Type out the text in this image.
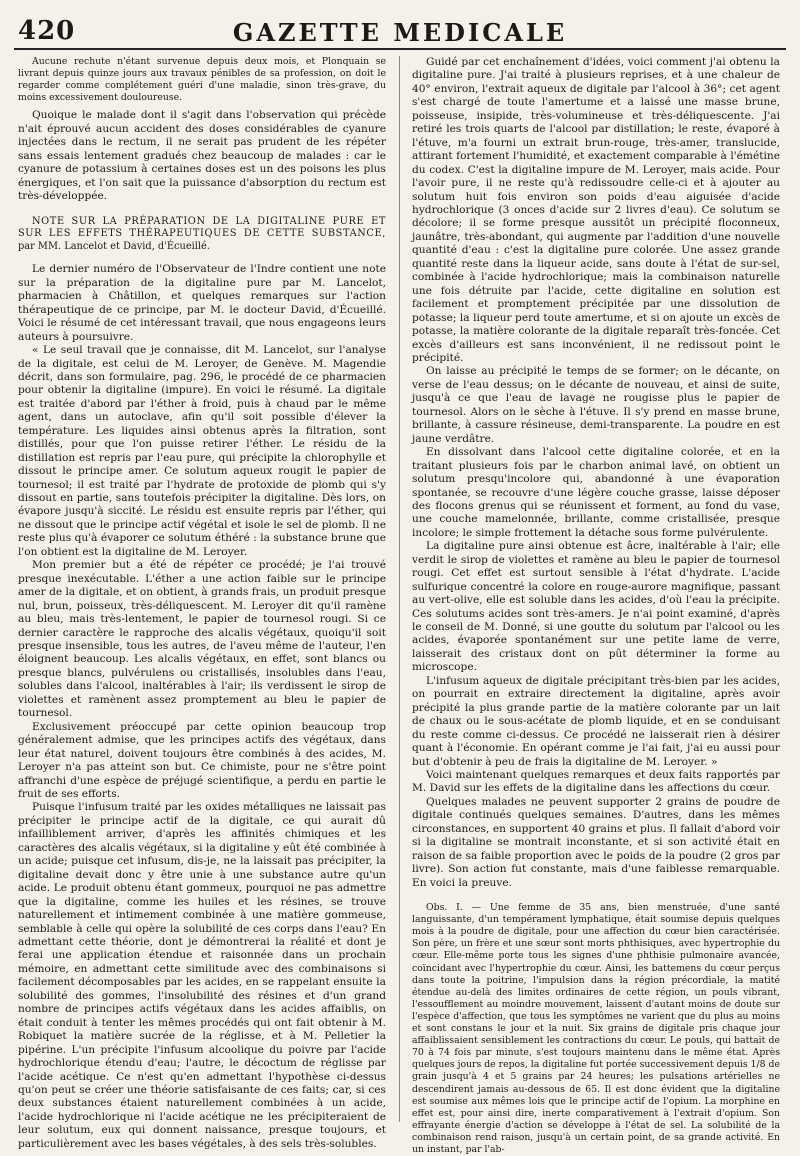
420	GAZETTE MEDICALE

Aucune rechute n'étant survenue depuis deux mois, et Plonquain se livrant depuis quinze jours aux travaux pénibles de sa profession, on doit le regarder comme complétement guéri d'une maladie, sinon très-grave, du moins excessivement douloureuse.

Quoique le malade dont il s'agit dans l'observation qui précède n'ait éprouvé aucun accident des doses considérables de cyanure injectées dans le rectum, il ne serait pas prudent de les répéter sans essais lentement gradués chez beaucoup de malades : car le cyanure de potassium à certaines doses est un des poisons les plus énergiques, et l'on sait que la puissance d'absorption du rectum est très-développée.

NOTE SUR LA PRÉPARATION DE LA DIGITALINE PURE ET SUR LES EFFETS THÉRAPEUTIQUES DE CETTE SUBSTANCE, par MM. Lancelot et David, d'Écueillé.

Le dernier numéro de l'Observateur de l'Indre contient une note sur la préparation de la digitaline pure par M. Lancelot, pharmacien à Châtillon, et quelques remarques sur l'action thérapeutique de ce principe, par M. le docteur David, d'Écueillé. Voici le résumé de cet intéressant travail, que nous engageons leurs auteurs à poursuivre.

« Le seul travail que je connaisse, dit M. Lancelot, sur l'analyse de la digitale, est celui de M. Leroyer, de Genève. M. Magendie décrit, dans son formulaire, pag. 296, le procédé de ce pharmacien pour obtenir la digitaline (impure). En voici le résumé. La digitale est traitée d'abord par l'éther à froid, puis à chaud par le même agent, dans un autoclave, afin qu'il soit possible d'élever la température. Les liquides ainsi obtenus après la filtration, sont distillés, pour que l'on puisse retirer l'éther. Le résidu de la distillation est repris par l'eau pure, qui précipite la chlorophylle et dissout le principe amer. Ce solutum aqueux rougit le papier de tournesol; il est traité par l'hydrate de protoxide de plomb qui s'y dissout en partie, sans toutefois précipiter la digitaline. Dès lors, on évapore jusqu'à siccité. Le résidu est ensuite repris par l'éther, qui ne dissout que le principe actif végétal et isole le sel de plomb. Il ne reste plus qu'à évaporer ce solutum éthéré : la substance brune que l'on obtient est la digitaline de M. Leroyer.

Mon premier but a été de répéter ce procédé; je l'ai trouvé presque inexécutable. L'éther a une action faible sur le principe amer de la digitale, et on obtient, à grands frais, un produit presque nul, brun, poisseux, très-déliquescent. M. Leroyer dit qu'il ramène au bleu, mais très-lentement, le papier de tournesol rougi. Si ce dernier caractère le rapproche des alcalis végétaux, quoiqu'il soit presque insensible, tous les autres, de l'aveu même de l'auteur, l'en éloignent beaucoup. Les alcalis végétaux, en effet, sont blancs ou presque blancs, pulvérulens ou cristallisés, insolubles dans l'eau, solubles dans l'alcool, inaltérables à l'air; ils verdissent le sirop de violettes et ramènent assez promptement au bleu le papier de tournesol.

Exclusivement préoccupé par cette opinion beaucoup trop généralement admise, que les principes actifs des végétaux, dans leur état naturel, doivent toujours être combinés à des acides, M. Leroyer n'a pas atteint son but. Ce chimiste, pour ne s'être point affranchi d'une espèce de préjugé scientifique, a perdu en partie le fruit de ses efforts.

Puisque l'infusum traité par les oxides métalliques ne laissait pas précipiter le principe actif de la digitale, ce qui aurait dû infailliblement arriver, d'après les affinités chimiques et les caractères des alcalis végétaux, si la digitaline y eût été combinée à un acide; puisque cet infusum, dis-je, ne la laissait pas précipiter, la digitaline devait donc y être unie à une substance autre qu'un acide. Le produit obtenu étant gommeux, pourquoi ne pas admettre que la digitaline, comme les huiles et les résines, se trouve naturellement et intimement combinée à une matière gommeuse, semblable à celle qui opère la solubilité de ces corps dans l'eau? En admettant cette théorie, dont je démontrerai la réalité et dont je ferai une application étendue et raisonnée dans un prochain mémoire, en admettant cette similitude avec des combinaisons si facilement décomposables par les acides, en se rappelant ensuite la solubilité des gommes, l'insolubilité des résines et d'un grand nombre de principes actifs végétaux dans les acides affaiblis, on était conduit à tenter les mêmes procédés qui ont fait obtenir à M. Robiquet la matière sucrée de la réglisse, et à M. Pelletier la pipérine. L'un précipite l'infusum alcoolique du poivre par l'acide hydrochlorique étendu d'eau; l'autre, le décoctum de réglisse par l'acide acétique. Ce n'est qu'en admettant l'hypothèse ci-dessus qu'on peut se créer une théorie satisfaisante de ces faits; car, si ces deux substances étaient naturellement combinées à un acide, l'acide hydrochlorique ni l'acide acétique ne les précipiteraient de leur solutum, eux qui donnent naissance, presque toujours, et particulièrement avec les bases végétales, à des sels très-solubles.

Guidé par cet enchaînement d'idées, voici comment j'ai obtenu la digitaline pure. J'ai traité à plusieurs reprises, et à une chaleur de 40° environ, l'extrait aqueux de digitale par l'alcool à 36°; cet agent s'est chargé de toute l'amertume et a laissé une masse brune, poisseuse, insipide, très-volumineuse et très-déliquescente. J'ai retiré les trois quarts de l'alcool par distillation; le reste, évaporé à l'étuve, m'a fourni un extrait brun-rouge, très-amer, translucide, attirant fortement l'humidité, et exactement comparable à l'émétine du codex. C'est la digitaline impure de M. Leroyer, mais acide. Pour l'avoir pure, il ne reste qu'à redissoudre celle-ci et à ajouter au solutum huit fois environ son poids d'eau aiguisée d'acide hydrochlorique (3 onces d'acide sur 2 livres d'eau). Ce solutum se décolore; il se forme presque aussitôt un précipité floconneux, jaunâtre, très-abondant, qui augmente par l'addition d'une nouvelle quantité d'eau : c'est la digitaline pure colorée. Une assez grande quantité reste dans la liqueur acide, sans doute à l'état de sur-sel, combinée à l'acide hydrochlorique; mais la combinaison naturelle une fois détruite par l'acide, cette digitaline en solution est facilement et promptement précipitée par une dissolution de potasse; la liqueur perd toute amertume, et si on ajoute un excès de potasse, la matière colorante de la digitale reparaît très-foncée. Cet excès d'ailleurs est sans inconvénient, il ne redissout point le précipité.

On laisse au précipité le temps de se former; on le décante, on verse de l'eau dessus; on le décante de nouveau, et ainsi de suite, jusqu'à ce que l'eau de lavage ne rougisse plus le papier de tournesol. Alors on le sèche à l'étuve. Il s'y prend en masse brune, brillante, à cassure résineuse, demi-transparente. La poudre en est jaune verdâtre.

En dissolvant dans l'alcool cette digitaline colorée, et en la traitant plusieurs fois par le charbon animal lavé, on obtient un solutum presqu'incolore qui, abandonné à une évaporation spontanée, se recouvre d'une légère couche grasse, laisse déposer des flocons grenus qui se réunissent et forment, au fond du vase, une couche mamelonnée, brillante, comme cristallisée, presque incolore; le simple frottement la détache sous forme pulvérulente.

La digitaline pure ainsi obtenue est âcre, inaltérable à l'air; elle verdit le sirop de violettes et ramène au bleu le papier de tournesol rougi. Cet effet est surtout sensible à l'état d'hydrate. L'acide sulfurique concentré la colore en rouge-aurore magnifique, passant au vert-olive, elle est soluble dans les acides, d'où l'eau la précipite. Ces solutums acides sont très-amers. Je n'ai point examiné, d'après le conseil de M. Donné, si une goutte du solutum par l'alcool ou les acides, évaporée spontanément sur une petite lame de verre, laisserait des cristaux dont on pût déterminer la forme au microscope.

L'infusum aqueux de digitale précipitant très-bien par les acides, on pourrait en extraire directement la digitaline, après avoir précipité la plus grande partie de la matière colorante par un lait de chaux ou le sous-acétate de plomb liquide, et en se conduisant du reste comme ci-dessus. Ce procédé ne laisserait rien à désirer quant à l'économie. En opérant comme je l'ai fait, j'ai eu aussi pour but d'obtenir à peu de frais la digitaline de M. Leroyer. »

Voici maintenant quelques remarques et deux faits rapportés par M. David sur les effets de la digitaline dans les affections du cœur.

Quelques malades ne peuvent supporter 2 grains de poudre de digitale continués quelques semaines. D'autres, dans les mêmes circonstances, en supportent 40 grains et plus. Il fallait d'abord voir si la digitaline se montrait inconstante, et si son activité était en raison de sa faible proportion avec le poids de la poudre (2 gros par livre). Son action fut constante, mais d'une faiblesse remarquable. En voici la preuve.

Obs. I. — Une femme de 35 ans, bien menstruée, d'une santé languissante, d'un tempérament lymphatique, était soumise depuis quelques mois à la poudre de digitale, pour une affection du cœur bien caractérisée. Son père, un frère et une sœur sont morts phthisiques, avec hypertrophie du cœur. Elle-même porte tous les signes d'une phthisie pulmonaire avancée, coïncidant avec l'hypertrophie du cœur. Ainsi, les battemens du cœur perçus dans toute la poitrine, l'impulsion dans la région précordiale, la matité étendue au-delà des limites ordinaires de cette région, un pouls vibrant, l'essoufflement au moindre mouvement, laissent d'autant moins de doute sur l'espèce d'affection, que tous les symptômes ne varient que du plus au moins et sont constans le jour et la nuit. Six grains de digitale pris chaque jour affaiblissaient sensiblement les contractions du cœur. Le pouls, qui battait de 70 à 74 fois par minute, s'est toujours maintenu dans le même état. Après quelques jours de repos, la digitaline fut portée successivement depuis 1/8 de grain jusqu'à 4 et 5 grains par 24 heures; les pulsations artérielles ne descendirent jamais au-dessous de 65. Il est donc évident que la digitaline est soumise aux mêmes lois que le principe actif de l'opium. La morphine en effet est, pour ainsi dire, inerte comparativement à l'extrait d'opium. Son effrayante énergie d'action se développe à l'état de sel. La solubilité de la combinaison rend raison, jusqu'à un certain point, de sa grande activité. En un instant, par l'ab-
